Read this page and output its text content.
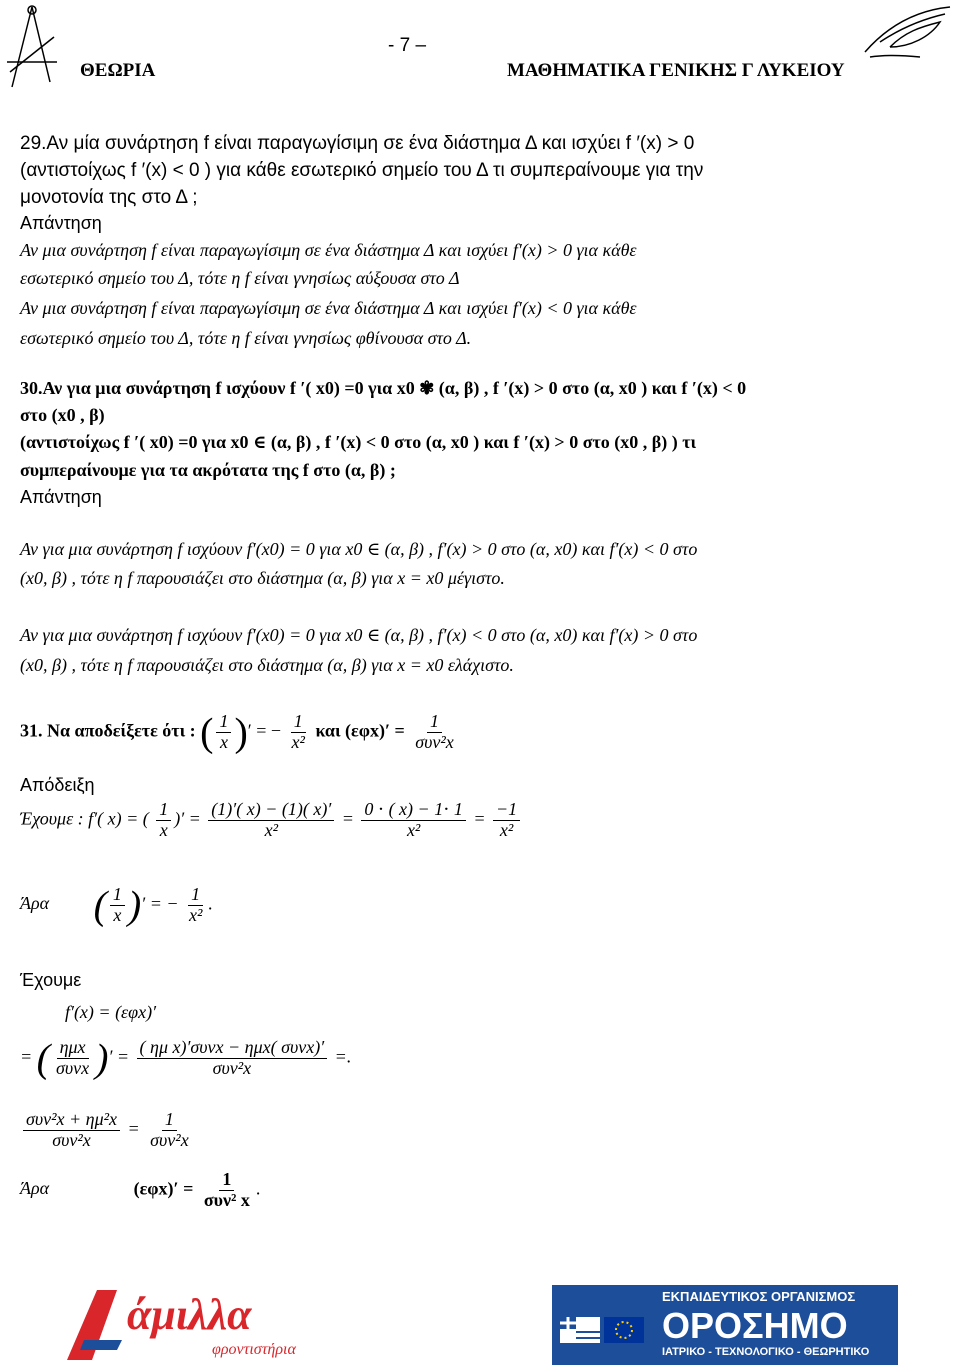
- 7 –
ΘΕΩΡΙΑ	ΜΑΘΗΜΑΤΙΚΑ ΓΕΝΙΚΗΣ Γ ΛΥΚΕΙΟΥ
29.Αν μία συνάρτηση f είναι παραγωγίσιμη σε ένα διάστημα Δ και ισχύει f ′(x) > 0
(αντιστοίχως f ′(x) < 0 ) για κάθε εσωτερικό σημείο του Δ τι συμπεραίνουμε για την
μονοτονία της στο Δ ;
Απάντηση
Αν μια συνάρτηση f είναι παραγωγίσιμη σε ένα διάστημα Δ και ισχύει f′(x) > 0 για κάθε
εσωτερικό σημείο του Δ, τότε η f είναι γνησίως αύξουσα στο Δ
Αν μια συνάρτηση f είναι παραγωγίσιμη σε ένα διάστημα Δ και ισχύει f′(x) < 0 για κάθε
εσωτερικό σημείο του Δ, τότε η f είναι γνησίως φθίνουσα στο Δ.
30.Αν για μια συνάρτηση f ισχύουν f ′( x0) =0 για x0 ✾ (α, β) , f ′(x) > 0 στο (α, x0 ) και f ′(x) < 0
στο (x0 , β)
(αντιστοίχως f ′( x0) =0 για x0 ∈ (α, β) , f ′(x) < 0 στο (α, x0 ) και f ′(x) > 0 στο (x0 , β) ) τι
συμπεραίνουμε για τα ακρότατα της f στο (α, β) ;
Απάντηση
Αν για μια συνάρτηση f ισχύουν f′(x0) = 0 για x0 ∈ (α, β) , f′(x) > 0 στο (α, x0) και f′(x) < 0 στο
(x0, β) , τότε η f παρουσιάζει στο διάστημα (α, β) για x = x0 μέγιστο.
Αν για μια συνάρτηση f ισχύουν f′(x0) = 0 για x0 ∈ (α, β) , f′(x) < 0 στο (α, x0) και f′(x) > 0 στο
(x0, β) , τότε η f παρουσιάζει στο διάστημα (α, β) για x = x0 ελάχιστο.
31. Να αποδείξετε ότι : ( $\frac{1}{x}$ )′ = − $\frac{1}{\text{x²}}$ και $(\varepsilon\varphi x)' = \frac{1}{\text{συν²x}}$
Απόδειξη
Έχουμε : f′( x) = ( $\frac{1}{x}$ )′ = $\frac{(1)'( x) - (1)( x)'}{\text{x²}} = \frac{0 \cdot ( x) - 1\cdot 1}{\text{x²}} = \frac{-1}{\text{x²}}$
Άρα ( $\frac{1}{x}$ )′ = − $\frac{1}{\text{x²}}$ .
Έχουμε
f′(x) = (εφx)′
= ( $\frac{\text{ημx}}{\text{συνx}}$ )′ = $\frac{\text{( ημ x)′συνx − ημx( συνx)′}}{\text{συν²x}}$ =.
$\frac{\text{συν²x + ημ²x}}{\text{συν²x}} = \frac{1}{\text{συν²x}}$
Άρα	$(\varepsilon\varphi x)' = \frac{1}{\text{συν² x}}$ .
άμιλλα
φροντιστήρια
ΕΚΠΑΙΔΕΥΤΙΚΟΣ ΟΡΓΑΝΙΣΜΟΣ
ΟΡΟΣΗΜΟ
ΙΑΤΡΙΚΟ - ΤΕΧΝΟΛΟΓΙΚΟ - ΘΕΩΡΗΤΙΚΟ
